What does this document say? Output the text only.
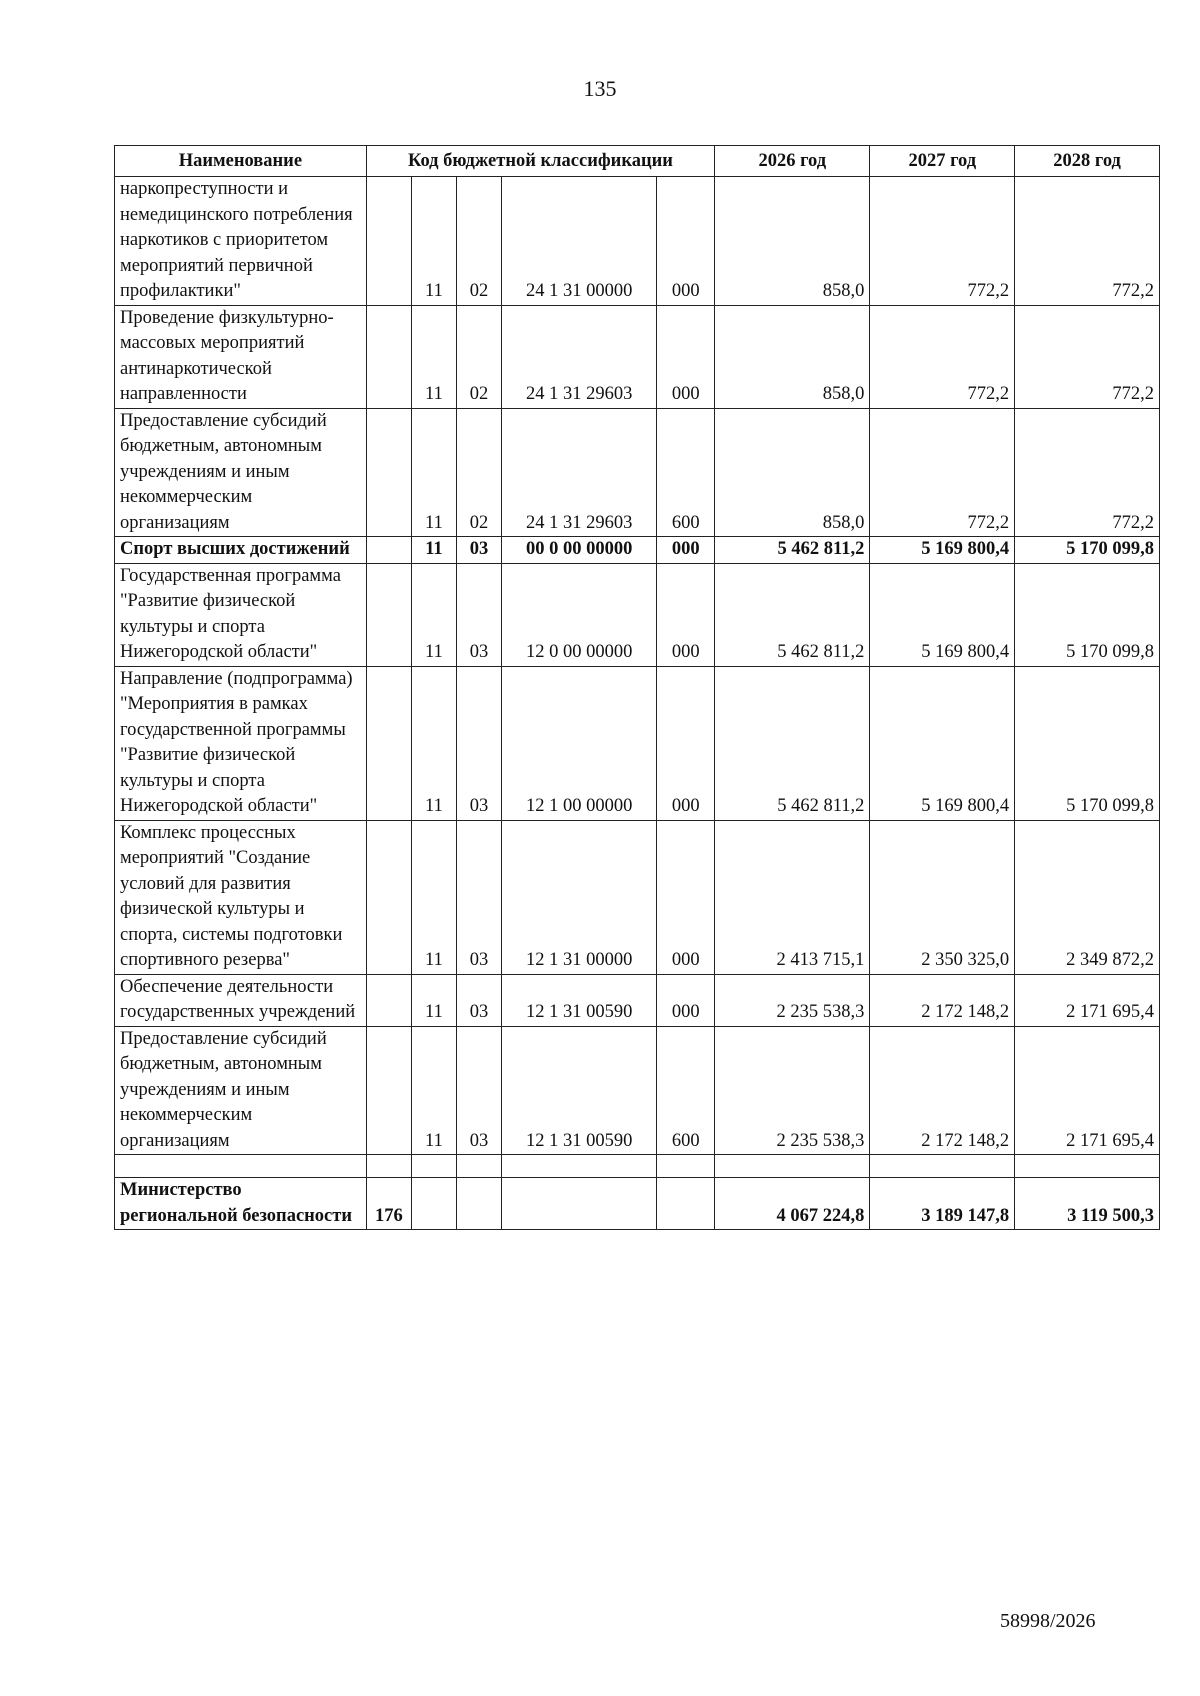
135
Наименование	Код бюджетной классификации					2026 год	2027 год	2028 год
наркопреступности и немедицинского потребления наркотиков с приоритетом мероприятий первичной профилактики"		11	02	24 1 31 00000	000	858,0	772,2	772,2
Проведение физкультурно-массовых мероприятий антинаркотической направленности		11	02	24 1 31 29603	000	858,0	772,2	772,2
Предоставление субсидий бюджетным, автономным учреждениям и иным некоммерческим организациям		11	02	24 1 31 29603	600	858,0	772,2	772,2
Спорт высших достижений		11	03	00 0 00 00000	000	5 462 811,2	5 169 800,4	5 170 099,8
Государственная программа "Развитие физической культуры и спорта Нижегородской области"		11	03	12 0 00 00000	000	5 462 811,2	5 169 800,4	5 170 099,8
Направление (подпрограмма) "Мероприятия в рамках государственной программы "Развитие физической культуры и спорта Нижегородской области"		11	03	12 1 00 00000	000	5 462 811,2	5 169 800,4	5 170 099,8
Комплекс процессных мероприятий "Создание условий для развития физической культуры и спорта, системы подготовки спортивного резерва"		11	03	12 1 31 00000	000	2 413 715,1	2 350 325,0	2 349 872,2
Обеспечение деятельности государственных учреждений		11	03	12 1 31 00590	000	2 235 538,3	2 172 148,2	2 171 695,4
Предоставление субсидий бюджетным, автономным учреждениям и иным некоммерческим организациям		11	03	12 1 31 00590	600	2 235 538,3	2 172 148,2	2 171 695,4

Министерство региональной безопасности	176					4 067 224,8	3 189 147,8	3 119 500,3
58998/2026
